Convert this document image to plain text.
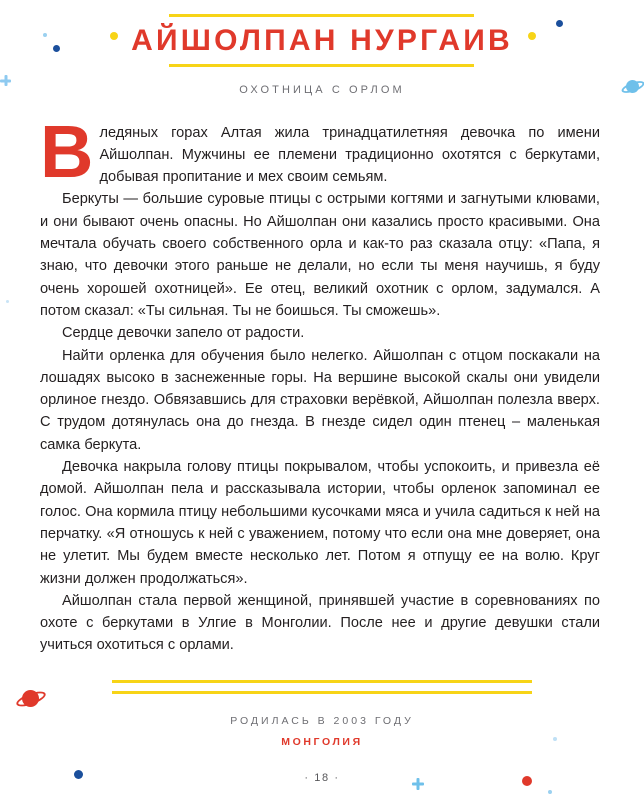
АЙШОЛПАН НУРГАИВ
ОХОТНИЦА С ОРЛОМ

Вледяных горах Алтая жила тринадцатилетняя девочка по имени Айшолпан. Мужчины ее племени традиционно охотятся с беркутами, добывая пропитание и мех своим семьям.

Беркуты — большие суровые птицы с острыми когтями и загнутыми клювами, и они бывают очень опасны. Но Айшолпан они казались просто красивыми. Она мечтала обучать своего собственного орла и как-то раз сказала отцу: «Папа, я знаю, что девочки этого раньше не делали, но если ты меня научишь, я буду очень хорошей охотницей». Ее отец, великий охотник с орлом, задумался. А потом сказал: «Ты сильная. Ты не боишься. Ты сможешь».

Сердце девочки запело от радости.

Найти орленка для обучения было нелегко. Айшолпан с отцом поскакали на лошадях высоко в заснеженные горы. На вершине высокой скалы они увидели орлиное гнездо. Обвязавшись для страховки верёвкой, Айшолпан полезла вверх. С трудом дотянулась она до гнезда. В гнезде сидел один птенец – маленькая самка беркута.

Девочка накрыла голову птицы покрывалом, чтобы успокоить, и привезла её домой. Айшолпан пела и рассказывала истории, чтобы орленок запоминал ее голос. Она кормила птицу небольшими кусочками мяса и учила садиться к ней на перчатку. «Я отношусь к ней с уважением, потому что если она мне доверяет, она не улетит. Мы будем вместе несколько лет. Потом я отпущу ее на волю. Круг жизни должен продолжаться».

Айшолпан стала первой женщиной, принявшей участие в соревнованиях по охоте с беркутами в Улгие в Монголии. После нее и другие девушки стали учиться охотиться с орлами.

РОДИЛАСЬ В 2003 ГОДУ
МОНГОЛИЯ
· 18 ·
